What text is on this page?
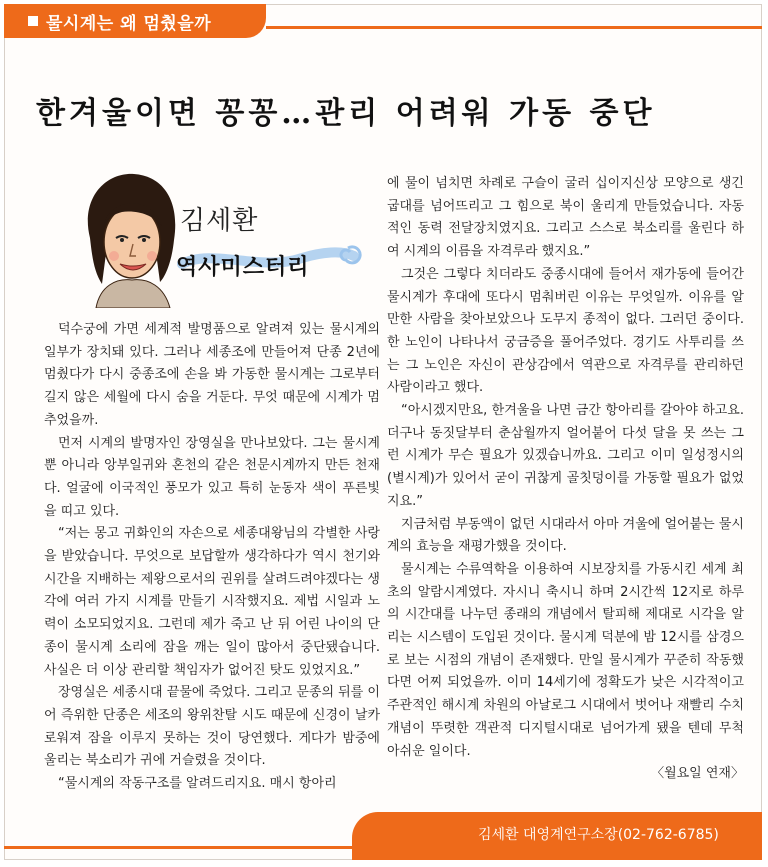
물시계는 왜 멈췄을까
한겨울이면 꽁꽁…관리 어려워 가동 중단
김세환
역사미스터리

덕수궁에 가면 세계적 발명품으로 알려져 있는 물시계의 일부가 장치돼 있다. 그러나 세종조에 만들어져 단종 2년에 멈췄다가 다시 중종조에 손을 봐 가동한 물시계는 그로부터 길지 않은 세월에 다시 숨을 거둔다. 무엇 때문에 시계가 멈추었을까.

먼저 시계의 발명자인 장영실을 만나보았다. 그는 물시계뿐 아니라 앙부일귀와 혼천의 같은 천문시계까지 만든 천재다. 얼굴에 이국적인 풍모가 있고 특히 눈동자 색이 푸른빛을 띠고 있다.

“저는 몽고 귀화인의 자손으로 세종대왕님의 각별한 사랑을 받았습니다. 무엇으로 보답할까 생각하다가 역시 천기와 시간을 지배하는 제왕으로서의 권위를 살려드려야겠다는 생각에 여러 가지 시계를 만들기 시작했지요. 제법 시일과 노력이 소모되었지요. 그런데 제가 죽고 난 뒤 어린 나이의 단종이 물시계 소리에 잠을 깨는 일이 많아서 중단됐습니다. 사실은 더 이상 관리할 책임자가 없어진 탓도 있었지요.”

장영실은 세종시대 끝물에 죽었다. 그리고 문종의 뒤를 이어 즉위한 단종은 세조의 왕위찬탈 시도 때문에 신경이 날카로워져 잠을 이루지 못하는 것이 당연했다. 게다가 밤중에 울리는 북소리가 귀에 거슬렸을 것이다.

“물시계의 작동구조를 알려드리지요. 매시 항아리

에 물이 넘치면 차례로 구슬이 굴러 십이지신상 모양으로 생긴 굽대를 넘어뜨리고 그 힘으로 북이 울리게 만들었습니다. 자동적인 동력 전달장치였지요. 그리고 스스로 북소리를 울린다 하여 시계의 이름을 자격루라 했지요.”

그것은 그렇다 치더라도 중종시대에 들어서 재가동에 들어간 물시계가 후대에 또다시 멈춰버린 이유는 무엇일까. 이유를 알 만한 사람을 찾아보았으나 도무지 종적이 없다. 그러던 중이다. 한 노인이 나타나서 궁금증을 풀어주었다. 경기도 사투리를 쓰는 그 노인은 자신이 관상감에서 역관으로 자격루를 관리하던 사람이라고 했다.

“아시겠지만요, 한겨울을 나면 금간 항아리를 갈아야 하고요. 더구나 동짓달부터 춘삼월까지 얼어붙어 다섯 달을 못 쓰는 그런 시계가 무슨 필요가 있겠습니까요. 그리고 이미 일성정시의(별시계)가 있어서 굳이 귀찮게 골칫덩이를 가동할 필요가 없었지요.”

지금처럼 부동액이 없던 시대라서 아마 겨울에 얼어붙는 물시계의 효능을 재평가했을 것이다.

물시계는 수류역학을 이용하여 시보장치를 가동시킨 세계 최초의 알람시계였다. 자시니 축시니 하며 2시간씩 12지로 하루의 시간대를 나누던 종래의 개념에서 탈피해 제대로 시각을 알리는 시스템이 도입된 것이다. 물시계 덕분에 밤 12시를 삼경으로 보는 시점의 개념이 존재했다. 만일 물시계가 꾸준히 작동했다면 어찌 되었을까. 이미 14세기에 정확도가 낮은 시각적이고 주관적인 해시계 차원의 아날로그 시대에서 벗어나 재빨리 수치개념이 뚜렷한 객관적 디지털시대로 넘어가게 됐을 텐데 무척 아쉬운 일이다.

〈월요일 연재〉
김세환 대영계연구소장(02-762-6785)
